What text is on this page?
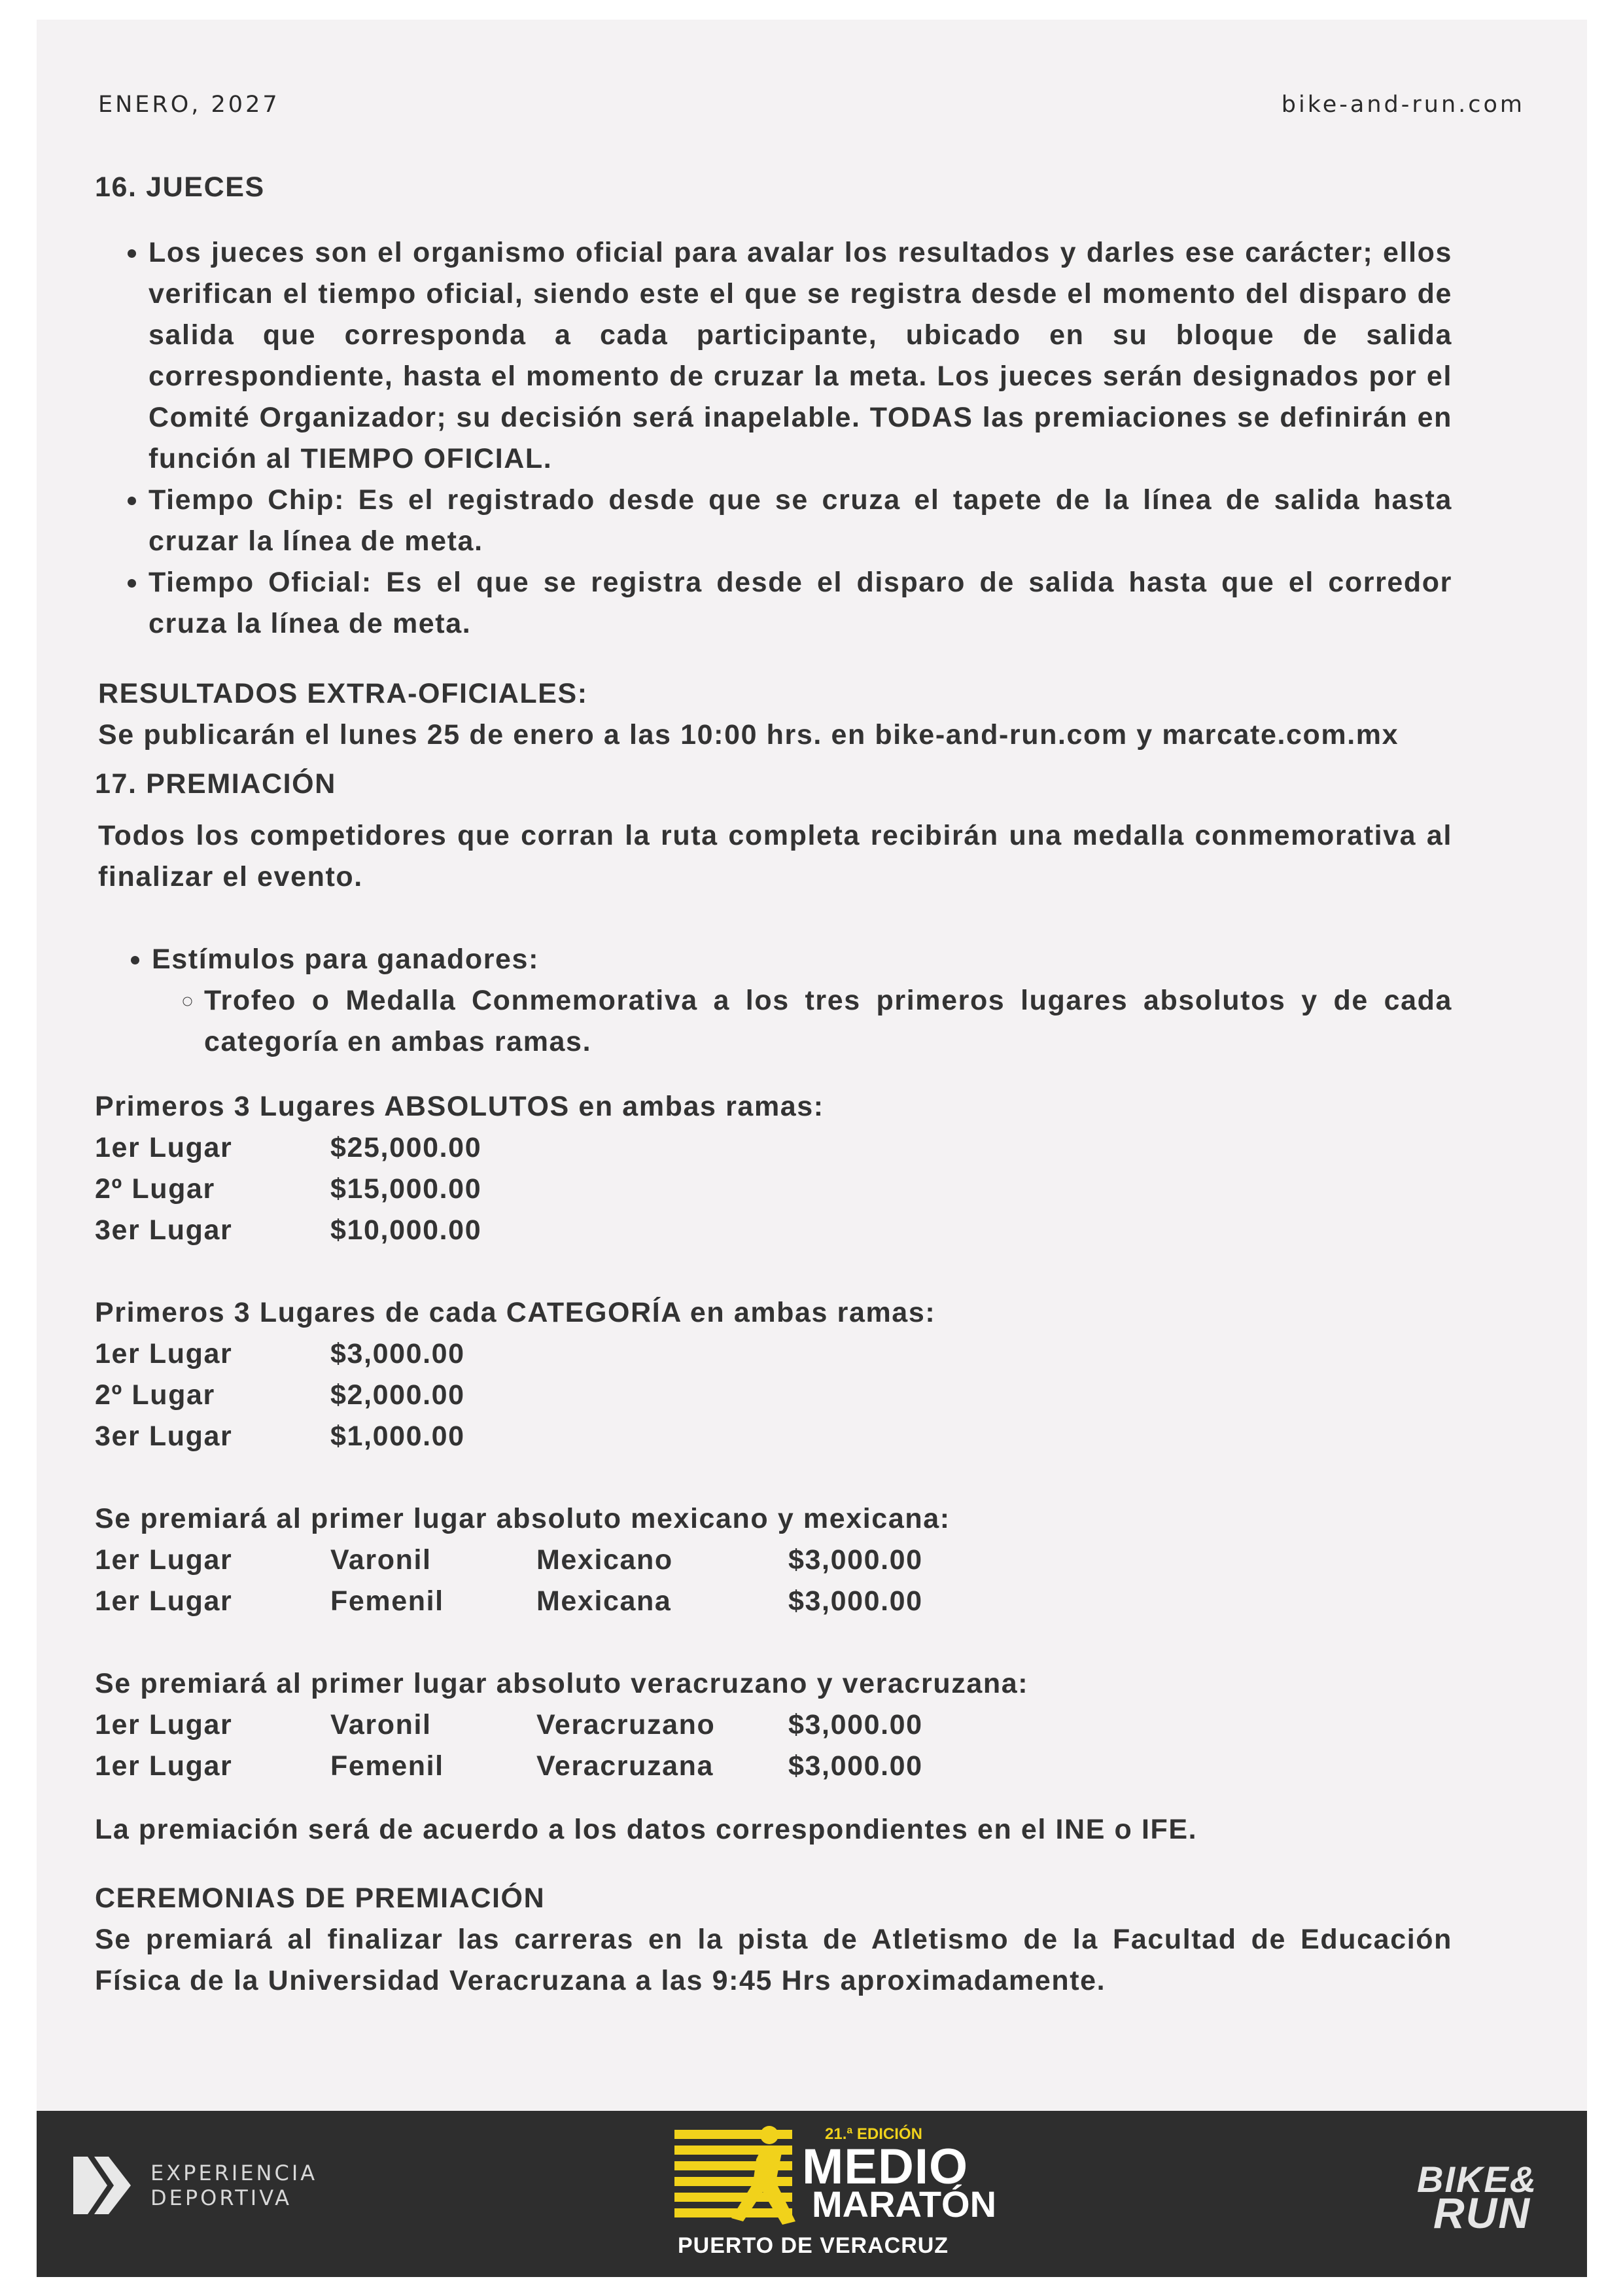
ENERO, 2027	bike-and-run.com
16. JUECES
• Los jueces son el organismo oficial para avalar los resultados y darles ese carácter; ellos verifican el tiempo oficial, siendo este el que se registra desde el momento del disparo de salida que corresponda a cada participante, ubicado en su bloque de salida correspondiente, hasta el momento de cruzar la meta. Los jueces serán designados por el Comité Organizador; su decisión será inapelable. TODAS las premiaciones se definirán en función al TIEMPO OFICIAL.
• Tiempo Chip: Es el registrado desde que se cruza el tapete de la línea de salida hasta cruzar la línea de meta.
• Tiempo Oficial: Es el que se registra desde el disparo de salida hasta que el corredor cruza la línea de meta.
RESULTADOS EXTRA-OFICIALES:
Se publicarán el lunes 25 de enero a las 10:00 hrs. en bike-and-run.com y marcate.com.mx
17. PREMIACIÓN
Todos los competidores que corran la ruta completa recibirán una medalla conmemorativa al finalizar el evento.
• Estímulos para ganadores:
◦ Trofeo o Medalla Conmemorativa a los tres primeros lugares absolutos y de cada categoría en ambas ramas.
Primeros 3 Lugares ABSOLUTOS en ambas ramas:
1er Lugar	$25,000.00
2º Lugar	$15,000.00
3er Lugar	$10,000.00
Primeros 3 Lugares de cada CATEGORÍA en ambas ramas:
1er Lugar	$3,000.00
2º Lugar	$2,000.00
3er Lugar	$1,000.00
Se premiará al primer lugar absoluto mexicano y mexicana:
1er Lugar	Varonil	Mexicano	$3,000.00
1er Lugar	Femenil	Mexicana	$3,000.00
Se premiará al primer lugar absoluto veracruzano y veracruzana:
1er Lugar	Varonil	Veracruzano	$3,000.00
1er Lugar	Femenil	Veracruzana	$3,000.00
La premiación será de acuerdo a los datos correspondientes en el INE o IFE.
CEREMONIAS DE PREMIACIÓN
Se premiará al finalizar las carreras en la pista de Atletismo de la Facultad de Educación Física de la Universidad Veracruzana a las 9:45 Hrs aproximadamente.
EXPERIENCIA
DEPORTIVA
21.ª EDICIÓN
MEDIO
MARATÓN
PUERTO DE VERACRUZ
BIKE&
RUN
